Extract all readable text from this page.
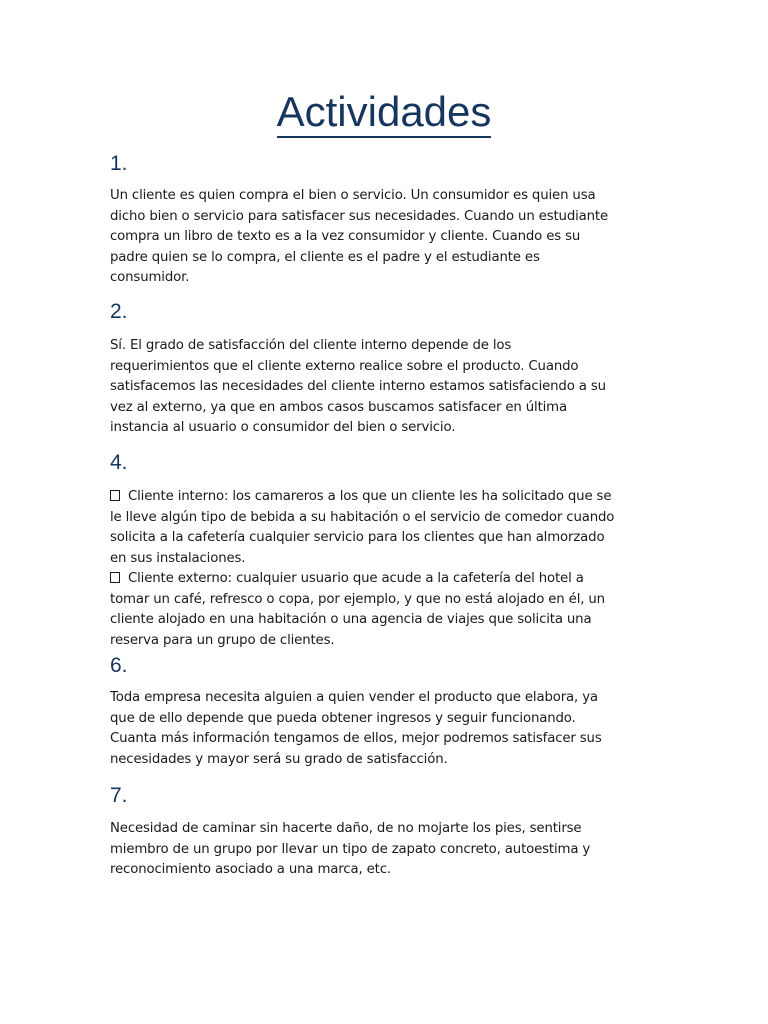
Actividades
1.
Un cliente es quien compra el bien o servicio. Un consumidor es quien usa
dicho bien o servicio para satisfacer sus necesidades. Cuando un estudiante
compra un libro de texto es a la vez consumidor y cliente. Cuando es su
padre quien se lo compra, el cliente es el padre y el estudiante es
consumidor.
2.
Sí. El grado de satisfacción del cliente interno depende de los
requerimientos que el cliente externo realice sobre el producto. Cuando
satisfacemos las necesidades del cliente interno estamos satisfaciendo a su
vez al externo, ya que en ambos casos buscamos satisfacer en última
instancia al usuario o consumidor del bien o servicio.
4.
Cliente interno: los camareros a los que un cliente les ha solicitado que se
le lleve algún tipo de bebida a su habitación o el servicio de comedor cuando
solicita a la cafetería cualquier servicio para los clientes que han almorzado
en sus instalaciones.
Cliente externo: cualquier usuario que acude a la cafetería del hotel a
tomar un café, refresco o copa, por ejemplo, y que no está alojado en él, un
cliente alojado en una habitación o una agencia de viajes que solicita una
reserva para un grupo de clientes.
6.
Toda empresa necesita alguien a quien vender el producto que elabora, ya
que de ello depende que pueda obtener ingresos y seguir funcionando.
Cuanta más información tengamos de ellos, mejor podremos satisfacer sus
necesidades y mayor será su grado de satisfacción.
7.
Necesidad de caminar sin hacerte daño, de no mojarte los pies, sentirse
miembro de un grupo por llevar un tipo de zapato concreto, autoestima y
reconocimiento asociado a una marca, etc.
